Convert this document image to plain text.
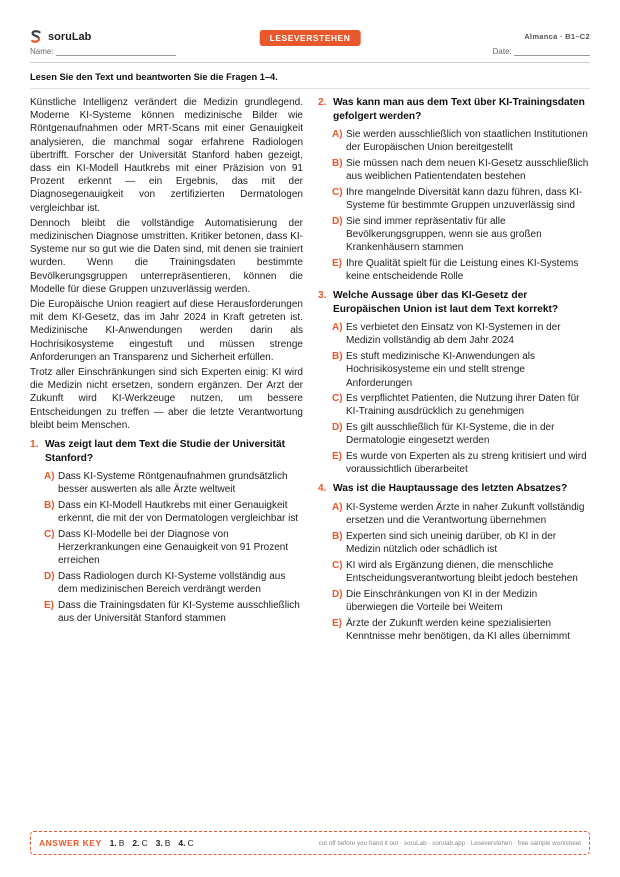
soruLab	LESEVERSTEHEN	Almanca · B1–C2
Name:	Date:
Lesen Sie den Text und beantworten Sie die Fragen 1–4.

Künstliche Intelligenz verändert die Medizin grundlegend. Moderne KI-Systeme können medizinische Bilder wie Röntgenaufnahmen oder MRT-Scans mit einer Genauigkeit analysieren, die manchmal sogar erfahrene Radiologen übertrifft. Forscher der Universität Stanford haben gezeigt, dass ein KI-Modell Hautkrebs mit einer Präzision von 91 Prozent erkennt — ein Ergebnis, das mit der Diagnosegenauigkeit von zertifizierten Dermatologen vergleichbar ist.

Dennoch bleibt die vollständige Automatisierung der medizinischen Diagnose umstritten. Kritiker betonen, dass KI-Systeme nur so gut wie die Daten sind, mit denen sie trainiert wurden. Wenn die Trainingsdaten bestimmte Bevölkerungsgruppen unterrepräsentieren, können die Modelle für diese Gruppen unzuverlässig werden.

Die Europäische Union reagiert auf diese Herausforderungen mit dem KI-Gesetz, das im Jahr 2024 in Kraft getreten ist. Medizinische KI-Anwendungen werden darin als Hochrisikosysteme eingestuft und müssen strenge Anforderungen an Transparenz und Sicherheit erfüllen.

Trotz aller Einschränkungen sind sich Experten einig: KI wird die Medizin nicht ersetzen, sondern ergänzen. Der Arzt der Zukunft wird KI-Werkzeuge nutzen, um bessere Entscheidungen zu treffen — aber die letzte Verantwortung bleibt beim Menschen.

1. Was zeigt laut dem Text die Studie der Universität Stanford?
A) Dass KI-Systeme Röntgenaufnahmen grundsätzlich besser auswerten als alle Ärzte weltweit
B) Dass ein KI-Modell Hautkrebs mit einer Genauigkeit erkennt, die mit der von Dermatologen vergleichbar ist
C) Dass KI-Modelle bei der Diagnose von Herzerkrankungen eine Genauigkeit von 91 Prozent erreichen
D) Dass Radiologen durch KI-Systeme vollständig aus dem medizinischen Bereich verdrängt werden
E) Dass die Trainingsdaten für KI-Systeme ausschließlich aus der Universität Stanford stammen
2. Was kann man aus dem Text über KI-Trainingsdaten gefolgert werden?
A) Sie werden ausschließlich von staatlichen Institutionen der Europäischen Union bereitgestellt
B) Sie müssen nach dem neuen KI-Gesetz ausschließlich aus weiblichen Patientendaten bestehen
C) Ihre mangelnde Diversität kann dazu führen, dass KI-Systeme für bestimmte Gruppen unzuverlässig sind
D) Sie sind immer repräsentativ für alle Bevölkerungsgruppen, wenn sie aus großen Krankenhäusern stammen
E) Ihre Qualität spielt für die Leistung eines KI-Systems keine entscheidende Rolle
3. Welche Aussage über das KI-Gesetz der Europäischen Union ist laut dem Text korrekt?
A) Es verbietet den Einsatz von KI-Systemen in der Medizin vollständig ab dem Jahr 2024
B) Es stuft medizinische KI-Anwendungen als Hochrisikosysteme ein und stellt strenge Anforderungen
C) Es verpflichtet Patienten, die Nutzung ihrer Daten für KI-Training ausdrücklich zu genehmigen
D) Es gilt ausschließlich für KI-Systeme, die in der Dermatologie eingesetzt werden
E) Es wurde von Experten als zu streng kritisiert und wird voraussichtlich überarbeitet
4. Was ist die Hauptaussage des letzten Absatzes?
A) KI-Systeme werden Ärzte in naher Zukunft vollständig ersetzen und die Verantwortung übernehmen
B) Experten sind sich uneinig darüber, ob KI in der Medizin nützlich oder schädlich ist
C) KI wird als Ergänzung dienen, die menschliche Entscheidungsverantwortung bleibt jedoch bestehen
D) Die Einschränkungen von KI in der Medizin überwiegen die Vorteile bei Weitem
E) Ärzte der Zukunft werden keine spezialisierten Kenntnisse mehr benötigen, da KI alles übernimmt
ANSWER KEY 1. B 2. C 3. B 4. C	cut off before you hand it out · soruLab · sorulab.app · Leseverstehen · free sample worksheet
